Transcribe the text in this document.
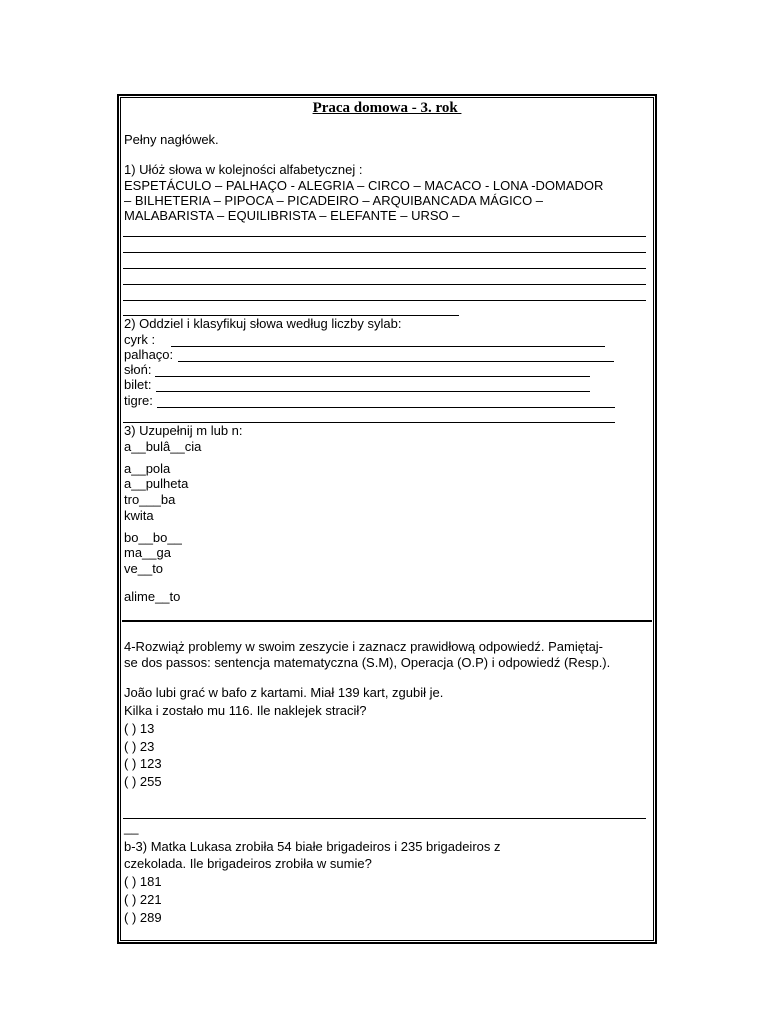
Praca domowa - 3. rok
Pełny nagłówek.
1) Ułóż słowa w kolejności alfabetycznej :
ESPETÁCULO – PALHAÇO - ALEGRIA – CIRCO – MACACO - LONA -DOMADOR
– BILHETERIA – PIPOCA – PICADEIRO – ARQUIBANCADA MÁGICO –
MALABARISTA – EQUILIBRISTA – ELEFANTE – URSO –
2) Oddziel i klasyfikuj słowa według liczby sylab:
cyrk :
palhaço:
słoń:
bilet:
tigre:
3) Uzupełnij m lub n:
a__bulâ__cia
a__pola
a__pulheta
tro___ba
kwita
bo__bo__
ma__ga
ve__to
alime__to
4-Rozwiąż problemy w swoim zeszycie i zaznacz prawidłową odpowiedź. Pamiętaj-
se dos passos: sentencja matematyczna (S.M), Operacja (O.P) i odpowiedź (Resp.).
João lubi grać w bafo z kartami. Miał 139 kart, zgubił je.
Kilka i zostało mu 116. Ile naklejek stracił?
( ) 13
( ) 23
( ) 123
( ) 255
__
b-3) Matka Lukasa zrobiła 54 białe brigadeiros i 235 brigadeiros z
czekolada. Ile brigadeiros zrobiła w sumie?
( ) 181
( ) 221
( ) 289
